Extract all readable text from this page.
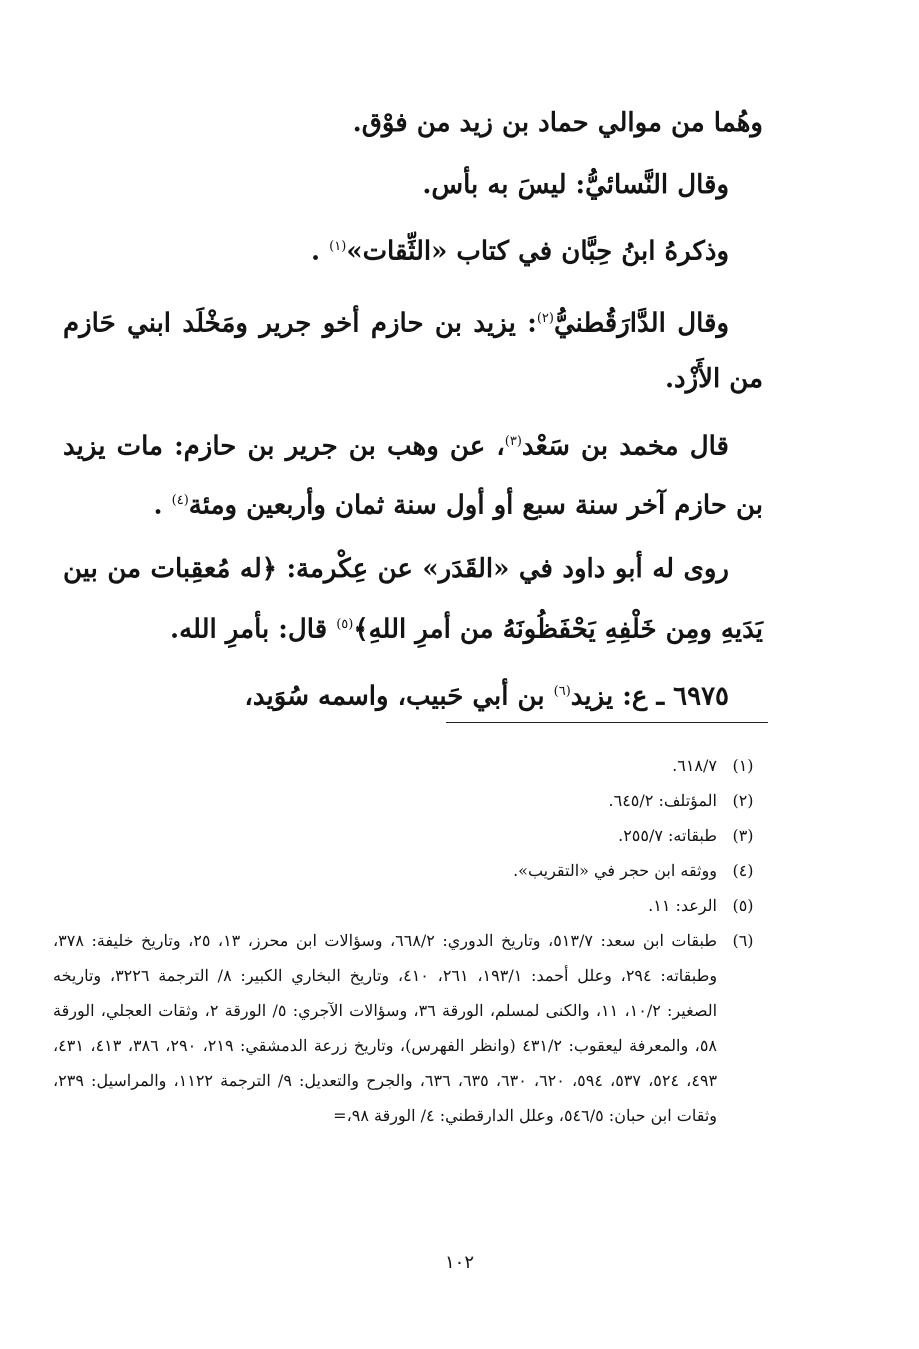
وهُما من موالي حماد بن زيد من فوْق.

وقال النَّسائيُّ: ليسَ به بأس.

وذكرهُ ابنُ حِبَّان في كتاب «الثِّقات»$^{(١)}$ .

وقال الدَّارَقُطنيُّ$^{(٢)}$: يزيد بن حازم أخو جرير ومَخْلَد ابني حَازم من الأَزْد.

قال مخمد بن سَعْد$^{(٣)}$، عن وهب بن جرير بن حازم: مات يزيد بن حازم آخر سنة سبع أو أول سنة ثمان وأربعين ومئة$^{(٤)}$ .

روى له أبو داود في «القَدَر» عن عِكْرمة: ﴿له مُعقِبات من بين يَدَيهِ ومِن خَلْفِهِ يَحْفَظُونَهُ من أمرِ اللهِ﴾$^{(٥)}$ قال: بأمرِ الله.

٦٩٧٥ ـ ع: يزيد$^{(٦)}$ بن أبي حَبيب، واسمه سُوَيد،

(١)
٦١٨/٧.
(٢)
المؤتلف: ٦٤٥/٢.
(٣)
طبقاته: ٢٥٥/٧.
(٤)
ووثقه ابن حجر في «التقريب».
(٥)
الرعد: ١١.
(٦)
طبقات ابن سعد: ٥١٣/٧، وتاريخ الدوري: ٦٦٨/٢، وسؤالات ابن محرز، ١٣، ٢٥، وتاريخ خليفة: ٣٧٨، وطبقاته: ٢٩٤، وعلل أحمد: ١٩٣/١، ٢٦١، ٤١٠، وتاريخ البخاري الكبير: ٨/ الترجمة ٣٢٢٦، وتاريخه الصغير: ١٠/٢، ١١، والكنى لمسلم، الورقة ٣٦، وسؤالات الآجري: ٥/ الورقة ٢، وثقات العجلي، الورقة ٥٨، والمعرفة ليعقوب: ٤٣١/٢ (وانظر الفهرس)، وتاريخ زرعة الدمشقي: ٢١٩، ٢٩٠، ٣٨٦، ٤١٣، ٤٣١، ٤٩٣، ٥٢٤، ٥٣٧، ٥٩٤، ٦٢٠، ٦٣٠، ٦٣٥، ٦٣٦، والجرح والتعديل: ٩/ الترجمة ١١٢٢، والمراسيل: ٢٣٩، وثقات ابن حبان: ٥٤٦/٥، وعلل الدارقطني: ٤/ الورقة ٩٨،=
١٠٢
